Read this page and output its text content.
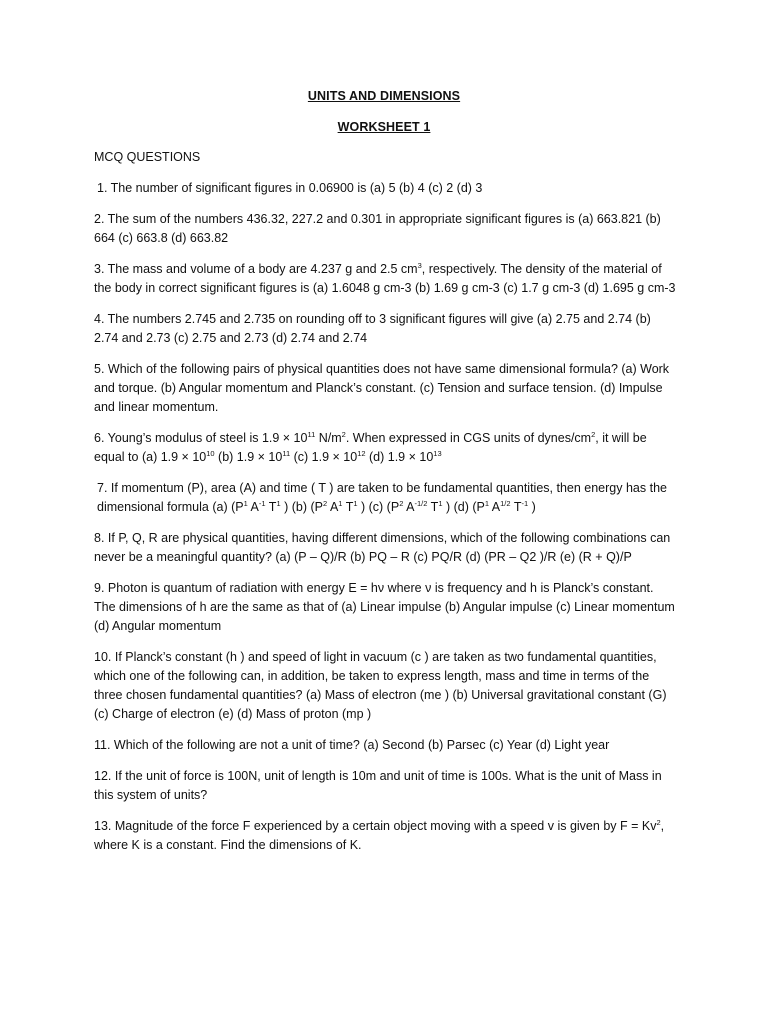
UNITS AND DIMENSIONS
WORKSHEET 1
MCQ QUESTIONS

1. The number of significant figures in 0.06900 is (a) 5 (b) 4 (c) 2 (d) 3

2. The sum of the numbers 436.32, 227.2 and 0.301 in appropriate significant figures is (a) 663.821 (b) 664 (c) 663.8 (d) 663.82

3. The mass and volume of a body are 4.237 g and 2.5 $cm^3$, respectively. The density of the material of the body in correct significant figures is (a) 1.6048 g cm-3 (b) 1.69 g cm-3 (c) 1.7 g cm-3 (d) 1.695 g cm-3

4. The numbers 2.745 and 2.735 on rounding off to 3 significant figures will give (a) 2.75 and 2.74 (b) 2.74 and 2.73 (c) 2.75 and 2.73 (d) 2.74 and 2.74

5. Which of the following pairs of physical quantities does not have same dimensional formula? (a) Work and torque. (b) Angular momentum and Planck’s constant. (c) Tension and surface tension. (d) Impulse and linear momentum.

6. Young’s modulus of steel is $1.9 \times 10^{11}$ $N/m^2$. When expressed in CGS units of dynes/$cm^2$, it will be equal to (a) $1.9 \times 10^{10}$ (b) $1.9 \times 10^{11}$ (c) $1.9 \times 10^{12}$ (d) $1.9 \times 10^{13}$

7. If momentum (P), area (A) and time ( T ) are taken to be fundamental quantities, then energy has the dimensional formula (a) ($P^1$ $A^{-1}$ $T^1$ ) (b) ($P^2$ $A^1$ $T^1$ ) (c) ($P^2$ $A^{-1/2}$ $T^1$ ) (d) ($P^1$ $A^{1/2}$ $T^{-1}$ )

8. If P, Q, R are physical quantities, having different dimensions, which of the following combinations can never be a meaningful quantity? (a) (P – Q)/R (b) PQ – R (c) PQ/R (d) (PR – Q2 )/R (e) (R + Q)/P

9. Photon is quantum of radiation with energy E = hν where ν is frequency and h is Planck’s constant. The dimensions of h are the same as that of (a) Linear impulse (b) Angular impulse (c) Linear momentum (d) Angular momentum

10. If Planck’s constant (h ) and speed of light in vacuum (c ) are taken as two fundamental quantities, which one of the following can, in addition, be taken to express length, mass and time in terms of the three chosen fundamental quantities? (a) Mass of electron (me ) (b) Universal gravitational constant (G) (c) Charge of electron (e) (d) Mass of proton (mp )

11. Which of the following are not a unit of time? (a) Second (b) Parsec (c) Year (d) Light year

12. If the unit of force is 100N, unit of length is 10m and unit of time is 100s. What is the unit of Mass in this system of units?

13. Magnitude of the force F experienced by a certain object moving with a speed v is given by $F = Kv^2$, where K is a constant. Find the dimensions of K.
